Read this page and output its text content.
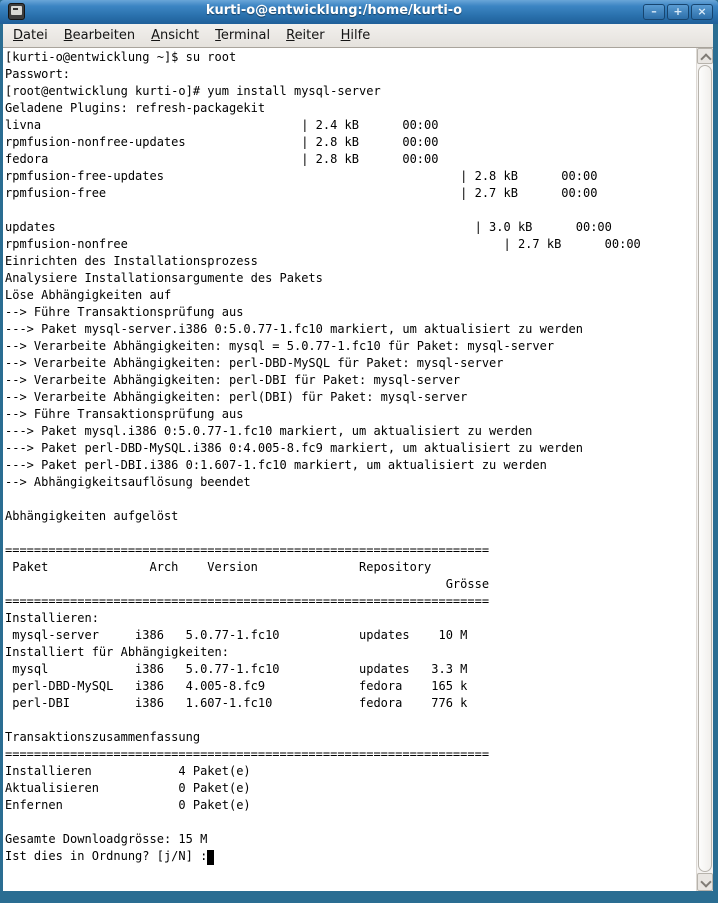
kurti-o@entwicklung:/home/kurti-o	–	+	×
Datei	Bearbeiten	Ansicht	Terminal	Reiter	Hilfe
[kurti-o@entwicklung ~]$ su root
Passwort:
[root@entwicklung kurti-o]# yum install mysql-server
Geladene Plugins: refresh-packagekit
livna                                    | 2.4 kB      00:00
rpmfusion-nonfree-updates                | 2.8 kB      00:00
fedora                                   | 2.8 kB      00:00
rpmfusion-free-updates                                         | 2.8 kB      00:00
rpmfusion-free                                                 | 2.7 kB      00:00

updates                                                          | 3.0 kB      00:00
rpmfusion-nonfree                                                    | 2.7 kB      00:00
Einrichten des Installationsprozess
Analysiere Installationsargumente des Pakets
Löse Abhängigkeiten auf
--> Führe Transaktionsprüfung aus
---> Paket mysql-server.i386 0:5.0.77-1.fc10 markiert, um aktualisiert zu werden
--> Verarbeite Abhängigkeiten: mysql = 5.0.77-1.fc10 für Paket: mysql-server
--> Verarbeite Abhängigkeiten: perl-DBD-MySQL für Paket: mysql-server
--> Verarbeite Abhängigkeiten: perl-DBI für Paket: mysql-server
--> Verarbeite Abhängigkeiten: perl(DBI) für Paket: mysql-server
--> Führe Transaktionsprüfung aus
---> Paket mysql.i386 0:5.0.77-1.fc10 markiert, um aktualisiert zu werden
---> Paket perl-DBD-MySQL.i386 0:4.005-8.fc9 markiert, um aktualisiert zu werden
---> Paket perl-DBI.i386 0:1.607-1.fc10 markiert, um aktualisiert zu werden
--> Abhängigkeitsauflösung beendet

Abhängigkeiten aufgelöst

===================================================================
Paket              Arch    Version              Repository
Grösse
===================================================================
Installieren:
mysql-server     i386   5.0.77-1.fc10           updates    10 M
Installiert für Abhängigkeiten:
mysql            i386   5.0.77-1.fc10           updates   3.3 M
perl-DBD-MySQL   i386   4.005-8.fc9             fedora    165 k
perl-DBI         i386   1.607-1.fc10            fedora    776 k

Transaktionszusammenfassung
===================================================================
Installieren            4 Paket(e)
Aktualisieren           0 Paket(e)
Enfernen                0 Paket(e)

Gesamte Downloadgrösse: 15 M
Ist dies in Ordnung? [j/N] :
